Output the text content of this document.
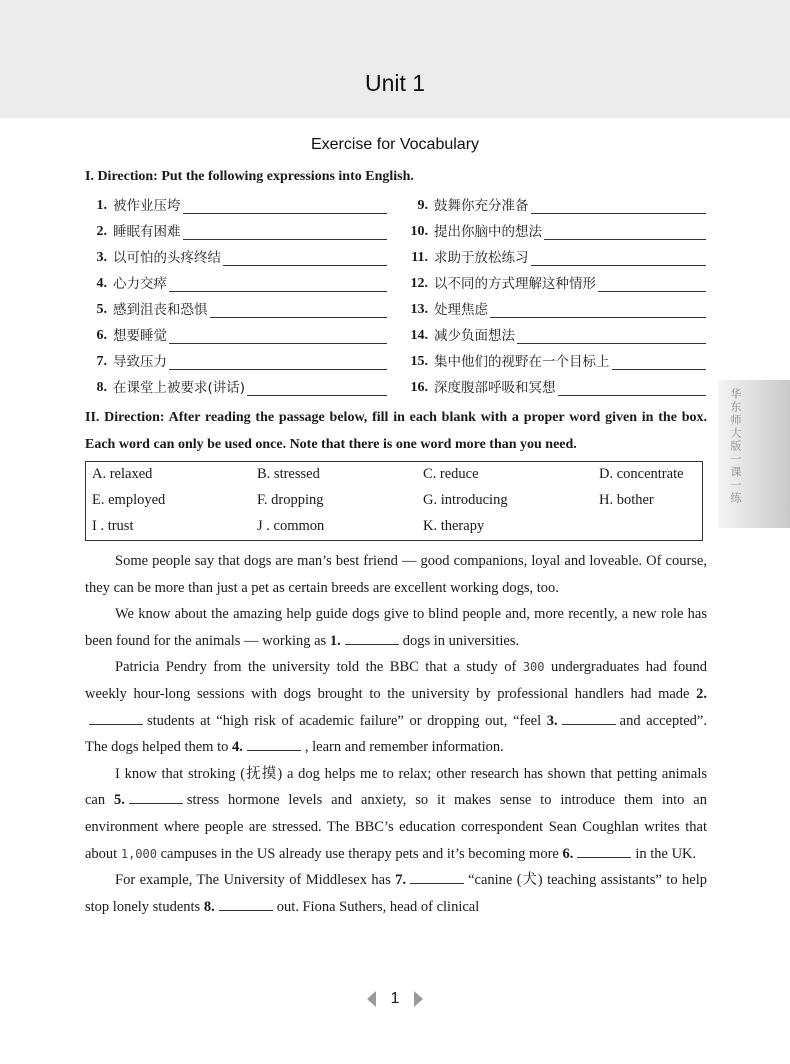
Unit 1
Exercise for Vocabulary
I. Direction: Put the following expressions into English.
1. 被作业压垮
2. 睡眠有困难
3. 以可怕的头疼终结
4. 心力交瘁
5. 感到沮丧和恐惧
6. 想要睡觉
7. 导致压力
8. 在课堂上被要求(讲话)
9. 鼓舞你充分准备
10. 提出你脑中的想法
11. 求助于放松练习
12. 以不同的方式理解这种情形
13. 处理焦虑
14. 减少负面想法
15. 集中他们的视野在一个目标上
16. 深度腹部呼吸和冥想
II. Direction: After reading the passage below, fill in each blank with a proper word given in the box. Each word can only be used once. Note that there is one word more than you need.
A. relaxed	B. stressed	C. reduce	D. concentrate
E. employed	F. dropping	G. introducing	H. bother
I . trust	J . common	K. therapy

Some people say that dogs are man’s best friend — good companions, loyal and loveable. Of course, they can be more than just a pet as certain breeds are excellent working dogs, too.

We know about the amazing help guide dogs give to blind people and, more recently, a new role has been found for the animals — working as 1.	dogs in universities.

Patricia Pendry from the university told the BBC that a study of 300 undergraduates had found weekly hour-long sessions with dogs brought to the university by professional handlers had made 2.students at “high risk of academic failure” or dropping out, “feel 3.	and accepted”. The dogs helped them to 4.	, learn and remember information.

I know that stroking (抚摸) a dog helps me to relax; other research has shown that petting animals can 5.	stress hormone levels and anxiety, so it makes sense to introduce them into an environment where people are stressed. The BBC’s education correspondent Sean Coughlan writes that about 1,000 campuses in the US already use therapy pets and it’s becoming more 6.	in the UK.

For example, The University of Middlesex has 7.	“canine (犬) teaching assistants” to help stop lonely students 8.	out. Fiona Suthers, head of clinical

华东师大版一课一练
1
